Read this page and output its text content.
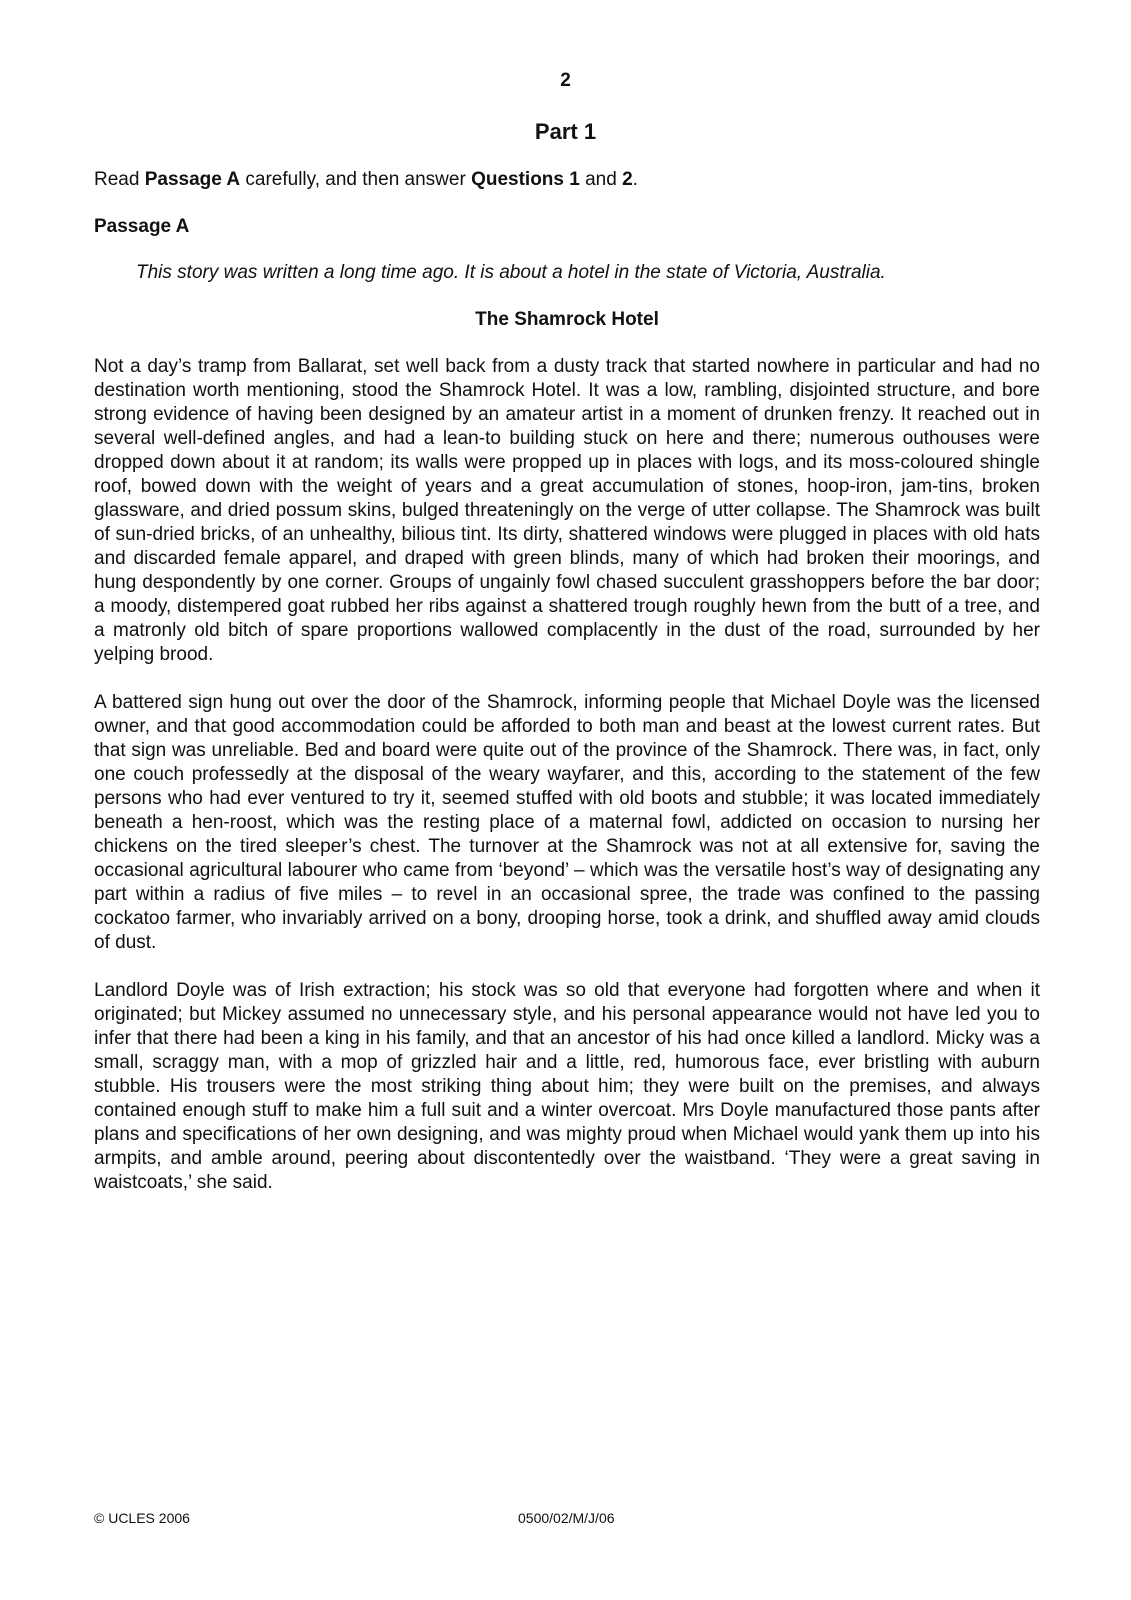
2
Part 1

Read Passage A carefully, and then answer Questions 1 and 2.

Passage A

This story was written a long time ago. It is about a hotel in the state of Victoria, Australia.

The Shamrock Hotel

Not a day’s tramp from Ballarat, set well back from a dusty track that started nowhere in particular and had no destination worth mentioning, stood the Shamrock Hotel. It was a low, rambling, disjointed structure, and bore strong evidence of having been designed by an amateur artist in a moment of drunken frenzy. It reached out in several well-defined angles, and had a lean-to building stuck on here and there; numerous outhouses were dropped down about it at random; its walls were propped up in places with logs, and its moss-coloured shingle roof, bowed down with the weight of years and a great accumulation of stones, hoop-iron, jam-tins, broken glassware, and dried possum skins, bulged threateningly on the verge of utter collapse. The Shamrock was built of sun-dried bricks, of an unhealthy, bilious tint. Its dirty, shattered windows were plugged in places with old hats and discarded female apparel, and draped with green blinds, many of which had broken their moorings, and hung despondently by one corner. Groups of ungainly fowl chased succulent grasshoppers before the bar door; a moody, distempered goat rubbed her ribs against a shattered trough roughly hewn from the butt of a tree, and a matronly old bitch of spare proportions wallowed complacently in the dust of the road, surrounded by her yelping brood.

A battered sign hung out over the door of the Shamrock, informing people that Michael Doyle was the licensed owner, and that good accommodation could be afforded to both man and beast at the lowest current rates. But that sign was unreliable. Bed and board were quite out of the province of the Shamrock. There was, in fact, only one couch professedly at the disposal of the weary wayfarer, and this, according to the statement of the few persons who had ever ventured to try it, seemed stuffed with old boots and stubble; it was located immediately beneath a hen-roost, which was the resting place of a maternal fowl, addicted on occasion to nursing her chickens on the tired sleeper’s chest. The turnover at the Shamrock was not at all extensive for, saving the occasional agricultural labourer who came from ‘beyond’ – which was the versatile host’s way of designating any part within a radius of five miles – to revel in an occasional spree, the trade was confined to the passing cockatoo farmer, who invariably arrived on a bony, drooping horse, took a drink, and shuffled away amid clouds of dust.

Landlord Doyle was of Irish extraction; his stock was so old that everyone had forgotten where and when it originated; but Mickey assumed no unnecessary style, and his personal appearance would not have led you to infer that there had been a king in his family, and that an ancestor of his had once killed a landlord. Micky was a small, scraggy man, with a mop of grizzled hair and a little, red, humorous face, ever bristling with auburn stubble. His trousers were the most striking thing about him; they were built on the premises, and always contained enough stuff to make him a full suit and a winter overcoat. Mrs Doyle manufactured those pants after plans and specifications of her own designing, and was mighty proud when Michael would yank them up into his armpits, and amble around, peering about discontentedly over the waistband. ‘They were a great saving in waistcoats,’ she said.

© UCLES 2006	0500/02/M/J/06
